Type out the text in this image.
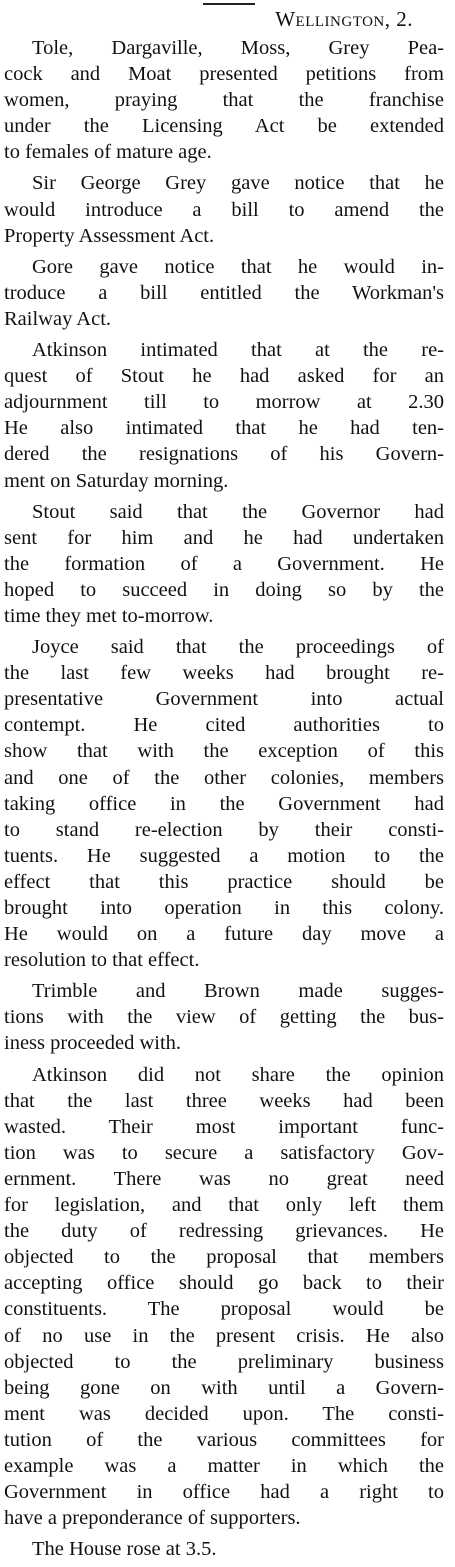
Wellington, 2.

Tole, Dargaville, Moss, Grey Pea-
cock and Moat presented petitions from
women, praying that the franchise
under the Licensing Act be extended
to females of mature age.

Sir George Grey gave notice that he
would introduce a bill to amend the
Property Assessment Act.

Gore gave notice that he would in-
troduce a bill entitled the Workman's
Railway Act.

Atkinson intimated that at the re-
quest of Stout he had asked for an
adjournment till to morrow at 2.30
He also intimated that he had ten-
dered the resignations of his Govern-
ment on Saturday morning.

Stout said that the Governor had
sent for him and he had undertaken
the formation of a Government. He
hoped to succeed in doing so by the
time they met to-morrow.

Joyce said that the proceedings of
the last few weeks had brought re-
presentative Government into actual
contempt. He cited authorities to
show that with the exception of this
and one of the other colonies, members
taking office in the Government had
to stand re-election by their consti-
tuents. He suggested a motion to the
effect that this practice should be
brought into operation in this colony.
He would on a future day move a
resolution to that effect.

Trimble and Brown made sugges-
tions with the view of getting the bus-
iness proceeded with.

Atkinson did not share the opinion
that the last three weeks had been
wasted. Their most important func-
tion was to secure a satisfactory Gov-
ernment. There was no great need
for legislation, and that only left them
the duty of redressing grievances. He
objected to the proposal that members
accepting office should go back to their
constituents. The proposal would be
of no use in the present crisis. He also
objected to the preliminary business
being gone on with until a Govern-
ment was decided upon. The consti-
tution of the various committees for
example was a matter in which the
Government in office had a right to
have a preponderance of supporters.

The House rose at 3.5.
